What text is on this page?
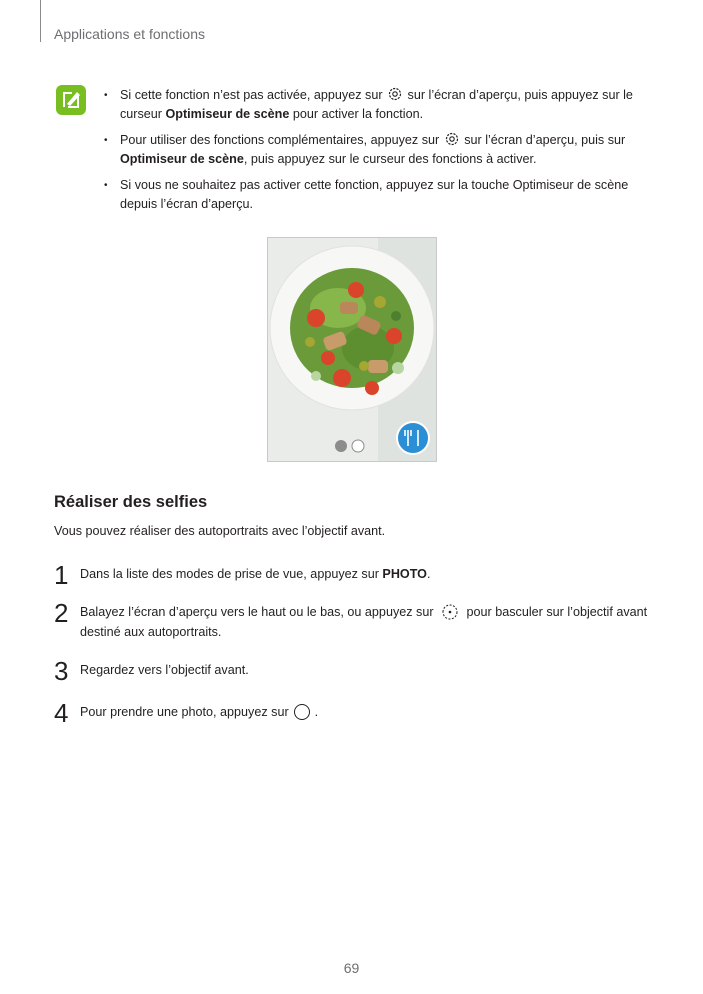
Applications et fonctions
• Si cette fonction n’est pas activée, appuyez sur sur l’écran d’aperçu, puis appuyez sur le curseur Optimiseur de scène pour activer la fonction.
• Pour utiliser des fonctions complémentaires, appuyez sur sur l’écran d’aperçu, puis sur Optimiseur de scène, puis appuyez sur le curseur des fonctions à activer.
• Si vous ne souhaitez pas activer cette fonction, appuyez sur la touche Optimiseur de scène depuis l’écran d’aperçu.
Réaliser des selfies
Vous pouvez réaliser des autoportraits avec l’objectif avant.
1 Dans la liste des modes de prise de vue, appuyez sur PHOTO.
2 Balayez l’écran d’aperçu vers le haut ou le bas, ou appuyez sur	pour basculer sur l’objectif avant destiné aux autoportraits.
3 Regardez vers l’objectif avant.
4 Pour prendre une photo, appuyez sur .
69
